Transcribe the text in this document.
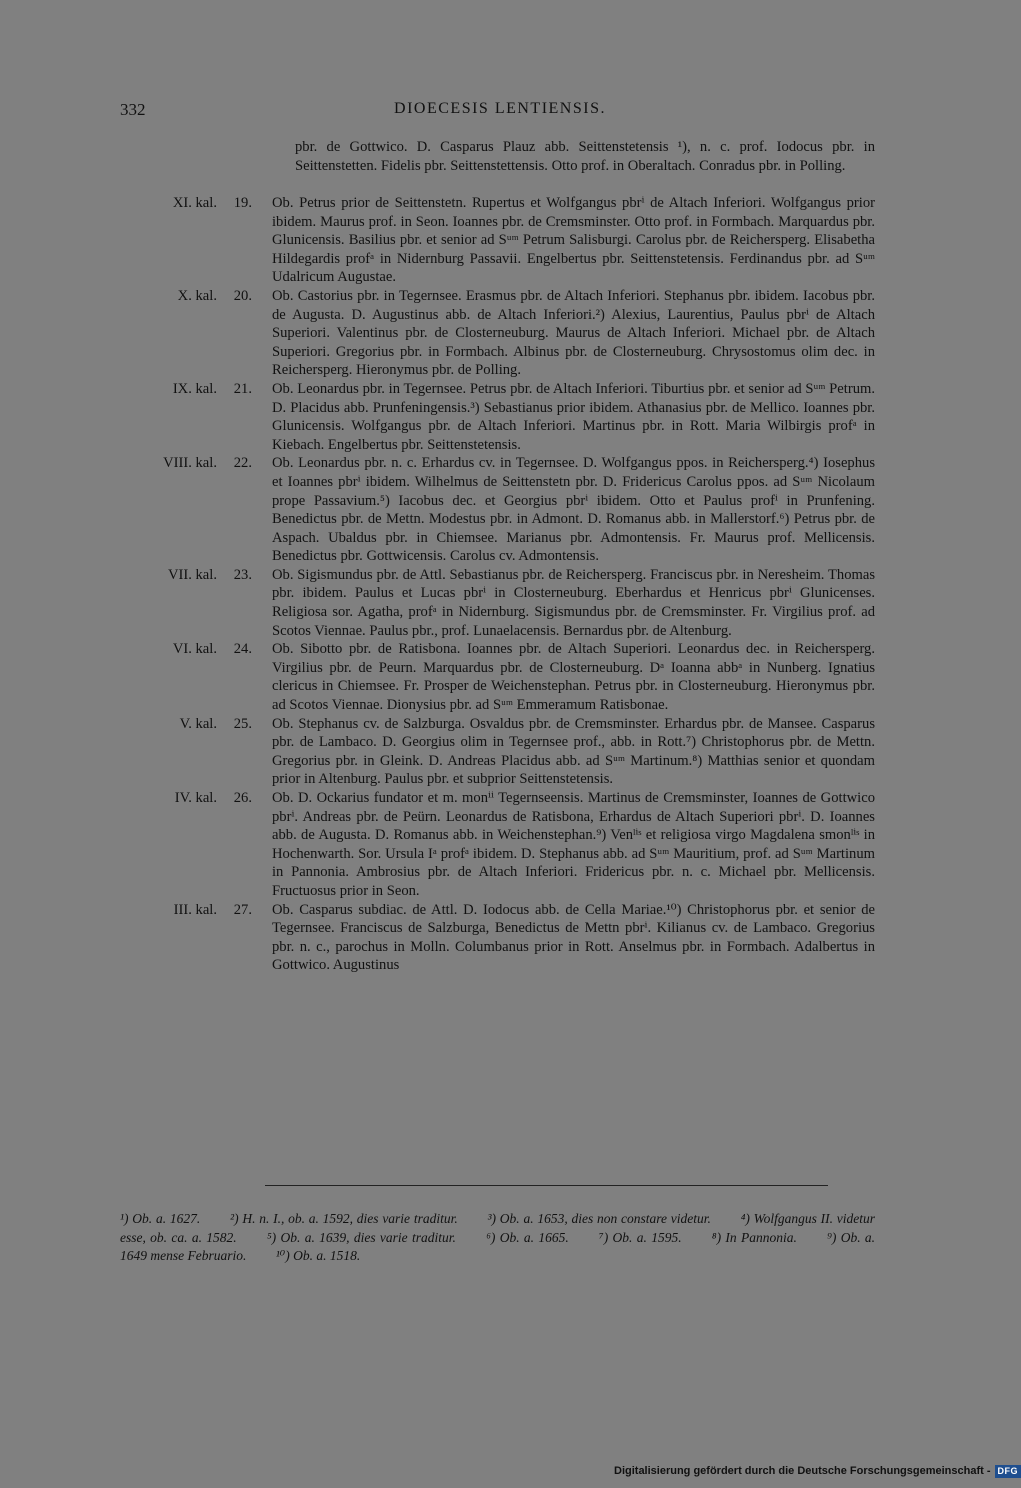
332	DIOECESIS LENTIENSIS.
pbr. de Gottwico. D. Casparus Plauz abb. Seittenstetensis ¹), n. c. prof. Iodocus pbr. in Seittenstetten. Fidelis pbr. Seittenstettensis. Otto prof. in Oberaltach. Conradus pbr. in Polling.
XI. kal.	19. Ob. Petrus prior de Seittenstetn. Rupertus et Wolfgangus pbrⁱ de Altach Inferiori. Wolfgangus prior ibidem. Maurus prof. in Seon. Ioannes pbr. de Cremsminster. Otto prof. in Formbach. Marquardus pbr. Glunicensis. Basilius pbr. et senior ad Sᵘᵐ Petrum Salisburgi. Carolus pbr. de Reichersperg. Elisabetha Hildegardis profᵃ in Nidernburg Passavii. Engelbertus pbr. Seittenstetensis. Ferdinandus pbr. ad Sᵘᵐ Udalricum Augustae.
X. kal.	20. Ob. Castorius pbr. in Tegernsee. Erasmus pbr. de Altach Inferiori. Stephanus pbr. ibidem. Iacobus pbr. de Augusta. D. Augustinus abb. de Altach Inferiori.²) Alexius, Laurentius, Paulus pbrⁱ de Altach Superiori. Valentinus pbr. de Closterneuburg. Maurus de Altach Inferiori. Michael pbr. de Altach Superiori. Gregorius pbr. in Formbach. Albinus pbr. de Closterneuburg. Chrysostomus olim dec. in Reichersperg. Hieronymus pbr. de Polling.
IX. kal.	21. Ob. Leonardus pbr. in Tegernsee. Petrus pbr. de Altach Inferiori. Tiburtius pbr. et senior ad Sᵘᵐ Petrum. D. Placidus abb. Prunfeningensis.³) Sebastianus prior ibidem. Athanasius pbr. de Mellico. Ioannes pbr. Glunicensis. Wolfgangus pbr. de Altach Inferiori. Martinus pbr. in Rott. Maria Wilbirgis profᵃ in Kiebach. Engelbertus pbr. Seittenstetensis.
VIII. kal.	22. Ob. Leonardus pbr. n. c. Erhardus cv. in Tegernsee. D. Wolfgangus ppos. in Reichersperg.⁴) Iosephus et Ioannes pbrⁱ ibidem. Wilhelmus de Seittenstetn pbr. D. Fridericus Carolus ppos. ad Sᵘᵐ Nicolaum prope Passavium.⁵) Iacobus dec. et Georgius pbrⁱ ibidem. Otto et Paulus profⁱ in Prunfening. Benedictus pbr. de Mettn. Modestus pbr. in Admont. D. Romanus abb. in Mallerstorf.⁶) Petrus pbr. de Aspach. Ubaldus pbr. in Chiemsee. Marianus pbr. Admontensis. Fr. Maurus prof. Mellicensis. Benedictus pbr. Gottwicensis. Carolus cv. Admontensis.
VII. kal.	23. Ob. Sigismundus pbr. de Attl. Sebastianus pbr. de Reichersperg. Franciscus pbr. in Neresheim. Thomas pbr. ibidem. Paulus et Lucas pbrⁱ in Closterneuburg. Eberhardus et Henricus pbrⁱ Glunicenses. Religiosa sor. Agatha, profᵃ in Nidernburg. Sigismundus pbr. de Cremsminster. Fr. Virgilius prof. ad Scotos Viennae. Paulus pbr., prof. Lunaelacensis. Bernardus pbr. de Altenburg.
VI. kal.	24. Ob. Sibotto pbr. de Ratisbona. Ioannes pbr. de Altach Superiori. Leonardus dec. in Reichersperg. Virgilius pbr. de Peurn. Marquardus pbr. de Closterneuburg. Dᵃ Ioanna abbᵃ in Nunberg. Ignatius clericus in Chiemsee. Fr. Prosper de Weichenstephan. Petrus pbr. in Closterneuburg. Hieronymus pbr. ad Scotos Viennae. Dionysius pbr. ad Sᵘᵐ Emmeramum Ratisbonae.
V. kal.	25. Ob. Stephanus cv. de Salzburga. Osvaldus pbr. de Cremsminster. Erhardus pbr. de Mansee. Casparus pbr. de Lambaco. D. Georgius olim in Tegernsee prof., abb. in Rott.⁷) Christophorus pbr. de Mettn. Gregorius pbr. in Gleink. D. Andreas Placidus abb. ad Sᵘᵐ Martinum.⁸) Matthias senior et quondam prior in Altenburg. Paulus pbr. et subprior Seittenstetensis.
IV. kal.	26. Ob. D. Ockarius fundator et m. monⁱⁱ Tegernseensis. Martinus de Cremsminster, Ioannes de Gottwico pbrⁱ. Andreas pbr. de Peürn. Leonardus de Ratisbona, Erhardus de Altach Superiori pbrⁱ. D. Ioannes abb. de Augusta. D. Romanus abb. in Weichenstephan.⁹) Venˡⁱˢ et religiosa virgo Magdalena smonˡⁱˢ in Hochenwarth. Sor. Ursula Iᵃ profᵃ ibidem. D. Stephanus abb. ad Sᵘᵐ Mauritium, prof. ad Sᵘᵐ Martinum in Pannonia. Ambrosius pbr. de Altach Inferiori. Fridericus pbr. n. c. Michael pbr. Mellicensis. Fructuosus prior in Seon.
III. kal.	27. Ob. Casparus subdiac. de Attl. D. Iodocus abb. de Cella Mariae.¹⁰) Christophorus pbr. et senior de Tegernsee. Franciscus de Salzburga, Benedictus de Mettn pbrⁱ. Kilianus cv. de Lambaco. Gregorius pbr. n. c., parochus in Molln. Columbanus prior in Rott. Anselmus pbr. in Formbach. Adalbertus in Gottwico. Augustinus
¹) Ob. a. 1627. ²) H. n. I., ob. a. 1592, dies varie traditur. ³) Ob. a. 1653, dies non constare videtur. ⁴) Wolfgangus II. videtur esse, ob. ca. a. 1582. ⁵) Ob. a. 1639, dies varie traditur. ⁶) Ob. a. 1665. ⁷) Ob. a. 1595. ⁸) In Pannonia. ⁹) Ob. a. 1649 mense Februario. ¹⁰) Ob. a. 1518.
Digitalisierung gefördert durch die Deutsche Forschungsgemeinschaft - DFG
